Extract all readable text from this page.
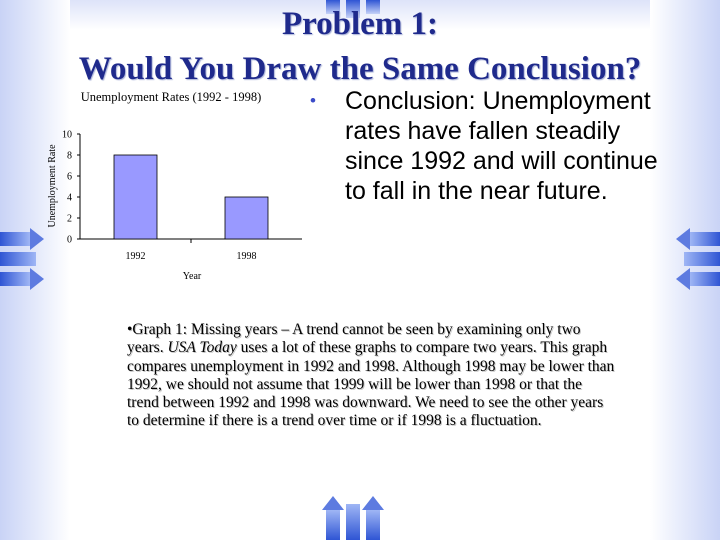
Problem 1:
Would You Draw the Same Conclusion?
Unemployment Rates (1992 - 1998)
Unemployment Rate
Year
0
2
4
6
8
10
1992	1998
•	Conclusion: Unemployment rates have fallen steadily since 1992 and will continue to fall in the near future.
•Graph 1: Missing years – A trend cannot be seen by examining only two years. USA Today uses a lot of these graphs to compare two years. This graph compares unemployment in 1992 and 1998. Although 1998 may be lower than 1992, we should not assume that 1999 will be lower than 1998 or that the trend between 1992 and 1998 was downward. We need to see the other years to determine if there is a trend over time or if 1998 is a fluctuation.
